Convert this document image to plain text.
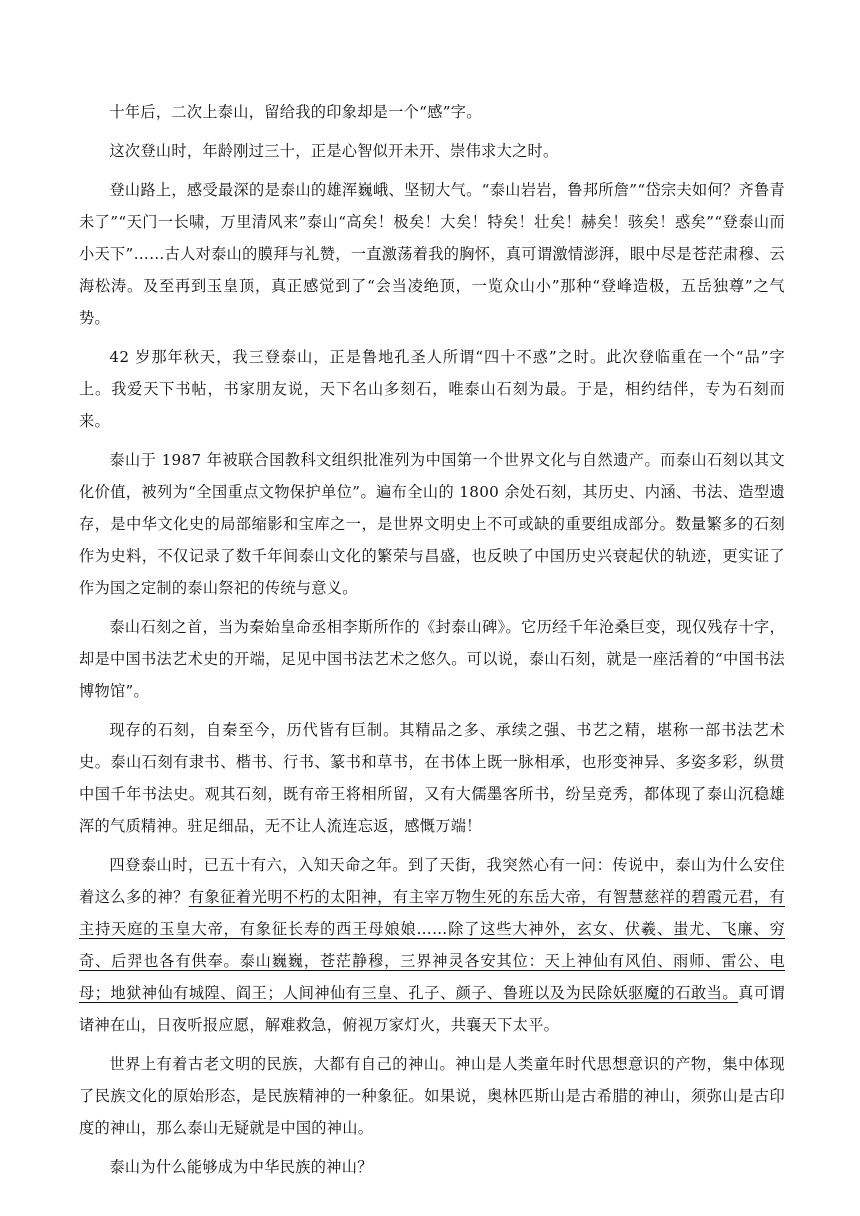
十年后，二次上泰山，留给我的印象却是一个“感”字。

这次登山时，年龄刚过三十，正是心智似开未开、崇伟求大之时。

登山路上，感受最深的是泰山的雄浑巍峨、坚韧大气。“泰山岩岩，鲁邦所詹”“岱宗夫如何？齐鲁青未了”“天门一长啸，万里清风来”泰山“高矣！极矣！大矣！特矣！壮矣！赫矣！骇矣！惑矣”“登泰山而小天下”……古人对泰山的膜拜与礼赞，一直激荡着我的胸怀，真可谓激情澎湃，眼中尽是苍茫肃穆、云海松涛。及至再到玉皇顶，真正感觉到了“会当凌绝顶，一览众山小”那种“登峰造极，五岳独尊”之气势。

42 岁那年秋天，我三登泰山，正是鲁地孔圣人所谓“四十不惑”之时。此次登临重在一个“品”字上。我爱天下书帖，书家朋友说，天下名山多刻石，唯泰山石刻为最。于是，相约结伴，专为石刻而来。

泰山于 1987 年被联合国教科文组织批准列为中国第一个世界文化与自然遗产。而泰山石刻以其文化价值，被列为“全国重点文物保护单位”。遍布全山的 1800 余处石刻，其历史、内涵、书法、造型遗存，是中华文化史的局部缩影和宝库之一，是世界文明史上不可或缺的重要组成部分。数量繁多的石刻作为史料，不仅记录了数千年间泰山文化的繁荣与昌盛，也反映了中国历史兴衰起伏的轨迹，更实证了作为国之定制的泰山祭祀的传统与意义。

泰山石刻之首，当为秦始皇命丞相李斯所作的《封泰山碑》。它历经千年沧桑巨变，现仅残存十字，却是中国书法艺术史的开端，足见中国书法艺术之悠久。可以说，泰山石刻，就是一座活着的“中国书法博物馆”。

现存的石刻，自秦至今，历代皆有巨制。其精品之多、承续之强、书艺之精，堪称一部书法艺术史。泰山石刻有隶书、楷书、行书、篆书和草书，在书体上既一脉相承，也形变神异、多姿多彩，纵贯中国千年书法史。观其石刻，既有帝王将相所留，又有大儒墨客所书，纷呈竞秀，都体现了泰山沉稳雄浑的气质精神。驻足细品，无不让人流连忘返，感慨万端！

四登泰山时，已五十有六，入知天命之年。到了天街，我突然心有一问：传说中，泰山为什么安住着这么多的神？有象征着光明不朽的太阳神，有主宰万物生死的东岳大帝，有智慧慈祥的碧霞元君，有主持天庭的玉皇大帝，有象征长寿的西王母娘娘……除了这些大神外，玄女、伏羲、蚩尤、飞廉、穷奇、后羿也各有供奉。泰山巍巍，苍茫静穆，三界神灵各安其位：天上神仙有风伯、雨师、雷公、电母；地狱神仙有城隍、阎王；人间神仙有三皇、孔子、颜子、鲁班以及为民除妖驱魔的石敢当。真可谓诸神在山，日夜听报应愿，解难救急，俯视万家灯火，共襄天下太平。

世界上有着古老文明的民族，大都有自己的神山。神山是人类童年时代思想意识的产物，集中体现了民族文化的原始形态，是民族精神的一种象征。如果说，奥林匹斯山是古希腊的神山，须弥山是古印度的神山，那么泰山无疑就是中国的神山。

泰山为什么能够成为中华民族的神山？
